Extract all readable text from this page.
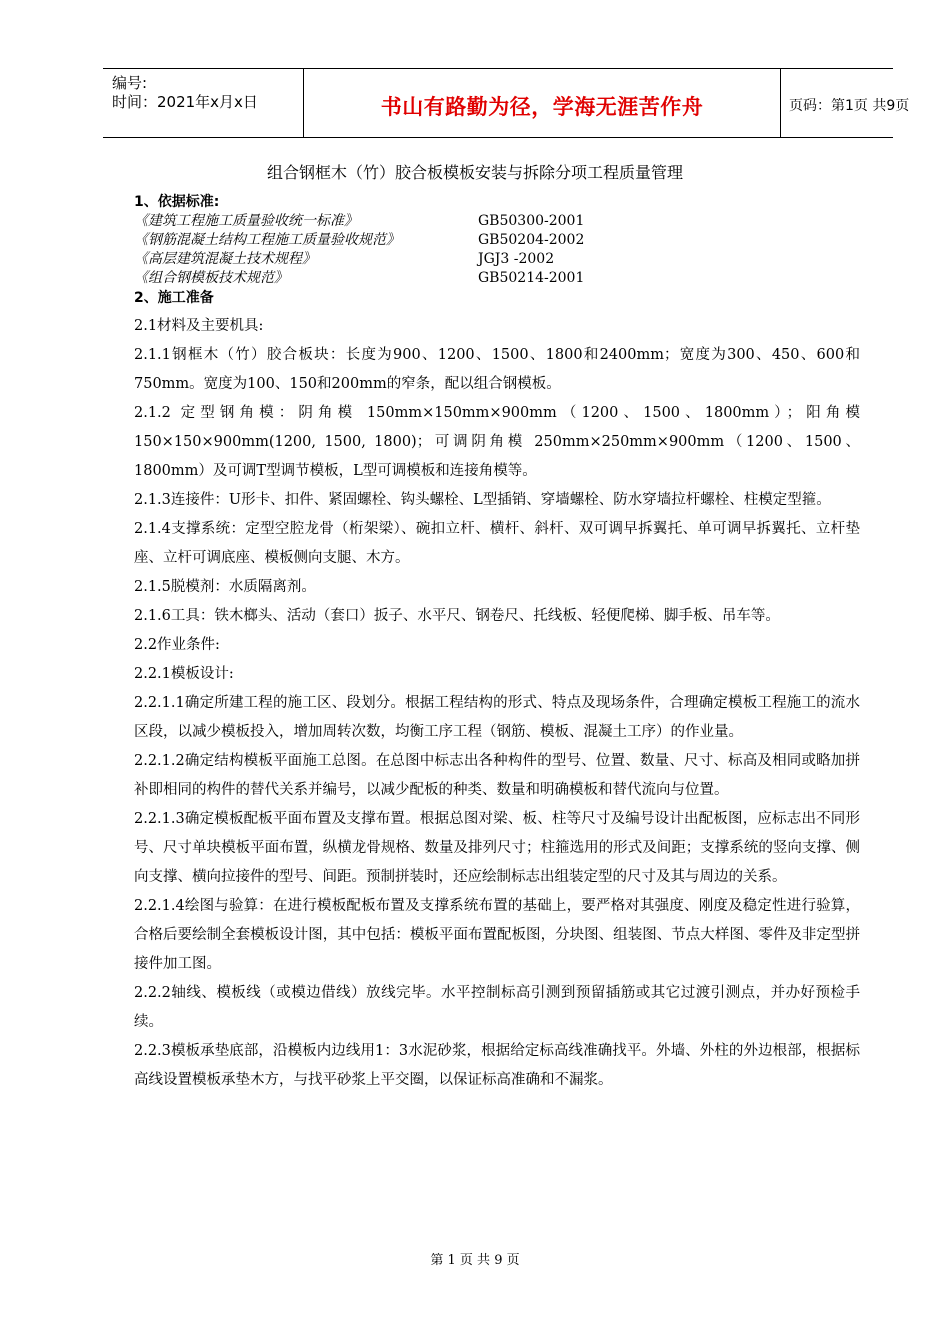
编号:
时间：2021年x月x日	书山有路勤为径，学海无涯苦作舟	页码：第1页 共9页
组合钢框木（竹）胶合板模板安装与拆除分项工程质量管理

1、依据标准:

《建筑工程施工质量验收统一标准》	GB50300-2001
《钢筋混凝土结构工程施工质量验收规范》	GB50204-2002
《高层建筑混凝土技术规程》	JGJ3 -2002
《组合钢模板技术规范》	GB50214-2001

2、施工准备

2.1材料及主要机具:

2.1.1钢框木（竹）胶合板块：长度为900、1200、1500、1800和2400mm；宽度为300、450、600和750mm。宽度为100、150和200mm的窄条，配以组合钢模板。

2.1.2 定型钢角模：阴角模 150mm×150mm×900mm（1200、1500、1800mm）；阳角模 150×150×900mm(1200, 1500, 1800)；可调阴角模 250mm×250mm×900mm（1200、1500、1800mm）及可调T型调节模板，L型可调模板和连接角模等。

2.1.3连接件：U形卡、扣件、紧固螺栓、钩头螺栓、L型插销、穿墙螺栓、防水穿墙拉杆螺栓、柱模定型箍。

2.1.4支撑系统：定型空腔龙骨（桁架梁）、碗扣立杆、横杆、斜杆、双可调早拆翼托、单可调早拆翼托、立杆垫座、立杆可调底座、模板侧向支腿、木方。

2.1.5脱模剂：水质隔离剂。

2.1.6工具：铁木榔头、活动（套口）扳子、水平尺、钢卷尺、托线板、轻便爬梯、脚手板、吊车等。

2.2作业条件:

2.2.1模板设计:

2.2.1.1确定所建工程的施工区、段划分。根据工程结构的形式、特点及现场条件，合理确定模板工程施工的流水区段，以减少模板投入，增加周转次数，均衡工序工程（钢筋、模板、混凝土工序）的作业量。

2.2.1.2确定结构模板平面施工总图。在总图中标志出各种构件的型号、位置、数量、尺寸、标高及相同或略加拼补即相同的构件的替代关系并编号，以减少配板的种类、数量和明确模板和替代流向与位置。

2.2.1.3确定模板配板平面布置及支撑布置。根据总图对梁、板、柱等尺寸及编号设计出配板图，应标志出不同形号、尺寸单块模板平面布置，纵横龙骨规格、数量及排列尺寸；柱箍选用的形式及间距；支撑系统的竖向支撑、侧向支撑、横向拉接件的型号、间距。预制拼装时，还应绘制标志出组装定型的尺寸及其与周边的关系。

2.2.1.4绘图与验算：在进行模板配板布置及支撑系统布置的基础上，要严格对其强度、刚度及稳定性进行验算，合格后要绘制全套模板设计图，其中包括：模板平面布置配板图，分块图、组装图、节点大样图、零件及非定型拼接件加工图。

2.2.2轴线、模板线（或模边借线）放线完毕。水平控制标高引测到预留插筋或其它过渡引测点，并办好预检手续。

2.2.3模板承垫底部，沿模板内边线用1：3水泥砂浆，根据给定标高线准确找平。外墙、外柱的外边根部，根据标高线设置模板承垫木方，与找平砂浆上平交圈，以保证标高准确和不漏浆。

第 1 页 共 9 页
